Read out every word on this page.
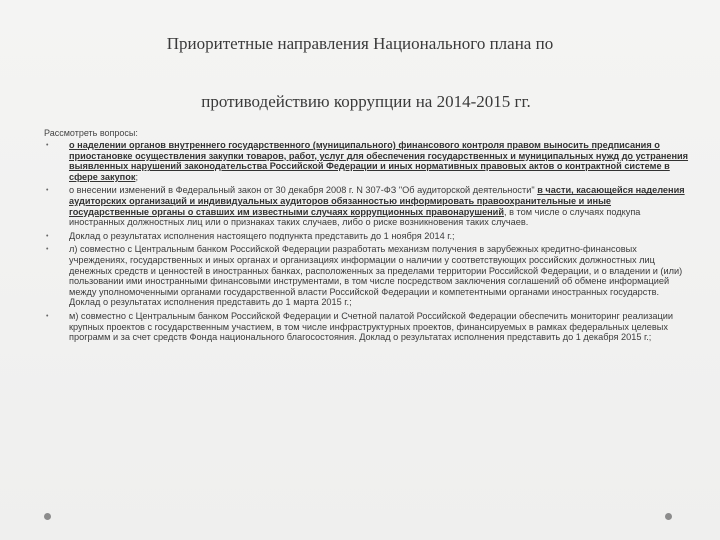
Приоритетные направления Национального плана по
противодействию коррупции на 2014-2015 гг.
Рассмотреть вопросы:
• о наделении органов внутреннего государственного (муниципального) финансового контроля правом выносить предписания о приостановке осуществления закупки товаров, работ, услуг для обеспечения государственных и муниципальных нужд до устранения выявленных нарушений законодательства Российской Федерации и иных нормативных правовых актов о контрактной системе в сфере закупок;
• о внесении изменений в Федеральный закон от 30 декабря 2008 г. N 307-ФЗ "Об аудиторской деятельности" в части, касающейся наделения аудиторских организаций и индивидуальных аудиторов обязанностью информировать правоохранительные и иные государственные органы о ставших им известными случаях коррупционных правонарушений, в том числе о случаях подкупа иностранных должностных лиц или о признаках таких случаев, либо о риске возникновения таких случаев.
• Доклад о результатах исполнения настоящего подпункта представить до 1 ноября 2014 г.;
• л) совместно с Центральным банком Российской Федерации разработать механизм получения в зарубежных кредитно-финансовых учреждениях, государственных и иных органах и организациях информации о наличии у соответствующих российских должностных лиц денежных средств и ценностей в иностранных банках, расположенных за пределами территории Российской Федерации, и о владении и (или) пользовании ими иностранными финансовыми инструментами, в том числе посредством заключения соглашений об обмене информацией между уполномоченными органами государственной власти Российской Федерации и компетентными органами иностранных государств. Доклад о результатах исполнения представить до 1 марта 2015 г.;
• м) совместно с Центральным банком Российской Федерации и Счетной палатой Российской Федерации обеспечить мониторинг реализации крупных проектов с государственным участием, в том числе инфраструктурных проектов, финансируемых в рамках федеральных целевых программ и за счет средств Фонда национального благосостояния. Доклад о результатах исполнения представить до 1 декабря 2015 г.;
